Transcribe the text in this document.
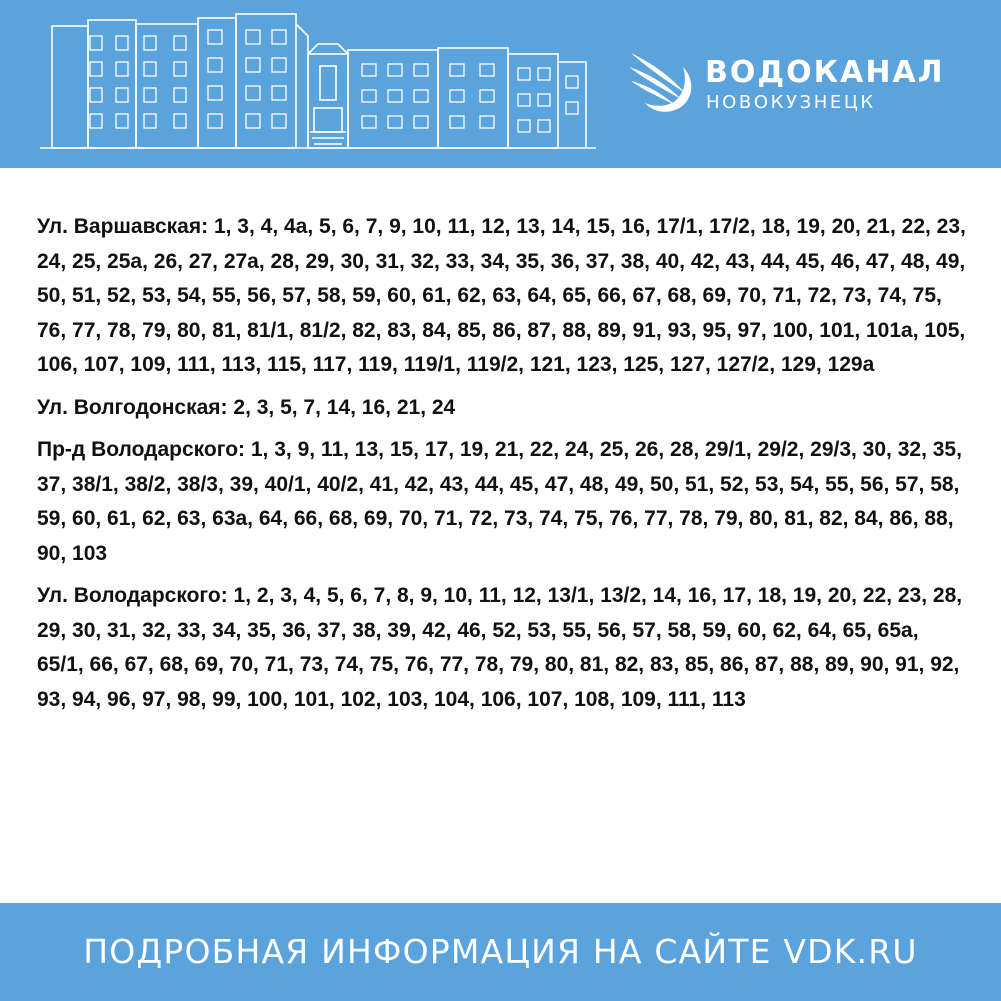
ВОДОКАНАЛ
НОВОКУЗНЕЦК

Ул. Варшавская: 1, 3, 4, 4а, 5, 6, 7, 9, 10, 11, 12, 13, 14, 15, 16, 17/1, 17/2, 18, 19, 20, 21, 22, 23, 24, 25, 25а, 26, 27, 27а, 28, 29, 30, 31, 32, 33, 34, 35, 36, 37, 38, 40, 42, 43, 44, 45, 46, 47, 48, 49, 50, 51, 52, 53, 54, 55, 56, 57, 58, 59, 60, 61, 62, 63, 64, 65, 66, 67, 68, 69, 70, 71, 72, 73, 74, 75, 76, 77, 78, 79, 80, 81, 81/1, 81/2, 82, 83, 84, 85, 86, 87, 88, 89, 91, 93, 95, 97, 100, 101, 101а, 105, 106, 107, 109, 111, 113, 115, 117, 119, 119/1, 119/2, 121, 123, 125, 127, 127/2, 129, 129а

Ул. Волгодонская: 2, 3, 5, 7, 14, 16, 21, 24

Пр-д Володарского: 1, 3, 9, 11, 13, 15, 17, 19, 21, 22, 24, 25, 26, 28, 29/1, 29/2, 29/3, 30, 32, 35, 37, 38/1, 38/2, 38/3, 39, 40/1, 40/2, 41, 42, 43, 44, 45, 47, 48, 49, 50, 51, 52, 53, 54, 55, 56, 57, 58, 59, 60, 61, 62, 63, 63а, 64, 66, 68, 69, 70, 71, 72, 73, 74, 75, 76, 77, 78, 79, 80, 81, 82, 84, 86, 88, 90, 103

Ул. Володарского: 1, 2, 3, 4, 5, 6, 7, 8, 9, 10, 11, 12, 13/1, 13/2, 14, 16, 17, 18, 19, 20, 22, 23, 28, 29, 30, 31, 32, 33, 34, 35, 36, 37, 38, 39, 42, 46, 52, 53, 55, 56, 57, 58, 59, 60, 62, 64, 65, 65а, 65/1, 66, 67, 68, 69, 70, 71, 73, 74, 75, 76, 77, 78, 79, 80, 81, 82, 83, 85, 86, 87, 88, 89, 90, 91, 92, 93, 94, 96, 97, 98, 99, 100, 101, 102, 103, 104, 106, 107, 108, 109, 111, 113

ПОДРОБНАЯ ИНФОРМАЦИЯ НА САЙТЕ VDK.RU
